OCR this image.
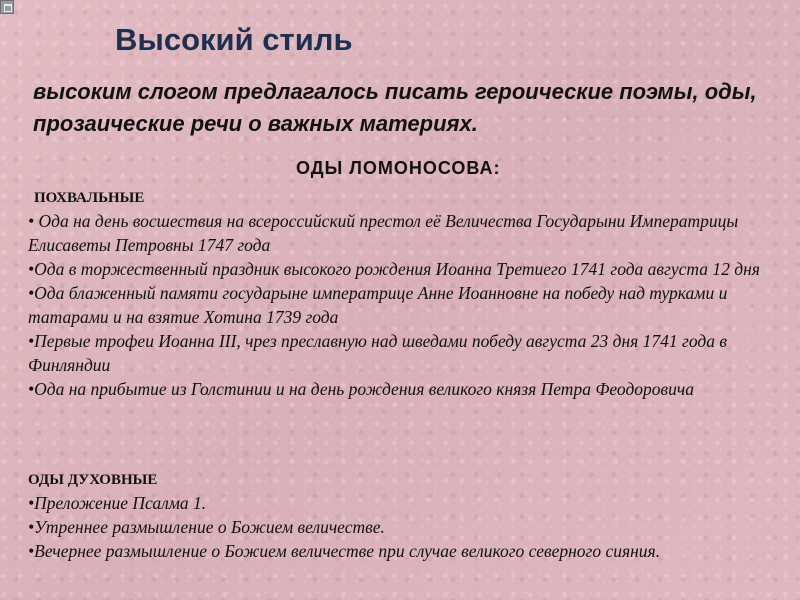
Высокий стиль

высоким слогом предлагалось писать героические поэмы, оды, прозаические речи о важных материях.

ОДЫ ЛОМОНОСОВА:
ПОХВАЛЬНЫЕ
• Ода на день восшествия на всероссийский престол её Величества Государыни Императрицы Елисаветы Петровны 1747 года
•Ода в торжественный праздник высокого рождения Иоанна Третиего 1741 года августа 12 дня
•Ода блаженный памяти государыне императрице Анне Иоанновне на победу над турками и татарами и на взятие Хотина 1739 года
•Первые трофеи Иоанна III, чрез преславную над шведами победу августа 23 дня 1741 года в Финляндии
•Ода на прибытие из Голстинии и на день рождения великого князя Петра Феодоровича
ОДЫ ДУХОВНЫЕ
•Преложение Псалма 1.
•Утреннее размышление о Божием величестве.
•Вечернее размышление о Божием величестве при случае великого северного сияния.
